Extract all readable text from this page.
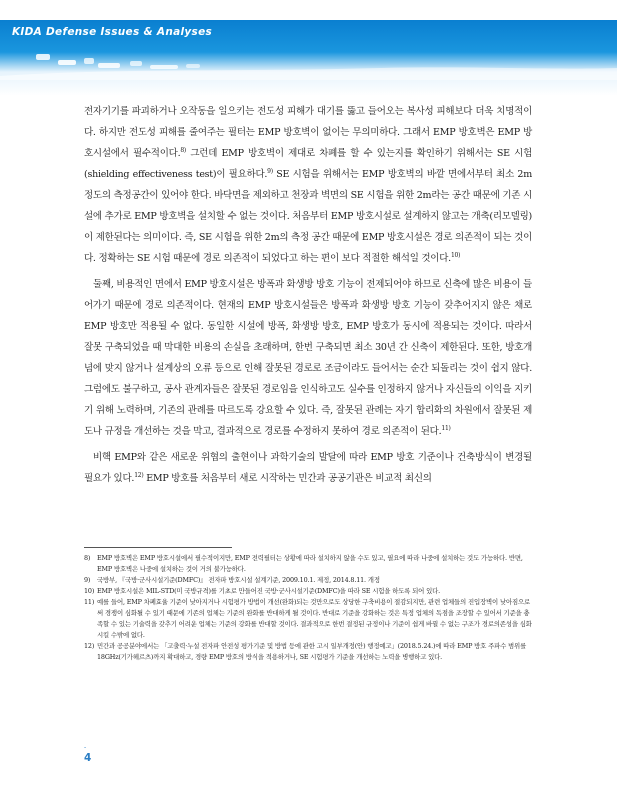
KIDA Defense Issues & Analyses

전자기기를 파괴하거나 오작동을 일으키는 전도성 피해가 대기를 뚫고 들어오는 복사성 피해보다 더욱 치명적이다. 하지만 전도성 피해를 줄여주는 필터는 EMP 방호벽이 없이는 무의미하다. 그래서 EMP 방호벽은 EMP 방호시설에서 필수적이다.$^{8)}$ 그런데 EMP 방호벽이 제대로 차폐를 할 수 있는지를 확인하기 위해서는 SE 시험(shielding effectiveness test)이 필요하다.$^{9)}$ SE 시험을 위해서는 EMP 방호벽의 바깥 면에서부터 최소 2m 정도의 측정공간이 있어야 한다. 바닥면을 제외하고 천장과 벽면의 SE 시험을 위한 2m라는 공간 때문에 기존 시설에 추가로 EMP 방호벽을 설치할 수 없는 것이다. 처음부터 EMP 방호시설로 설계하지 않고는 개축(리모델링)이 제한된다는 의미이다. 즉, SE 시험을 위한 2m의 측정 공간 때문에 EMP 방호시설은 경로 의존적이 되는 것이다. 정확하는 SE 시험 때문에 경로 의존적이 되었다고 하는 편이 보다 적절한 해석일 것이다.$^{10)}$

둘째, 비용적인 면에서 EMP 방호시설은 방폭과 화생방 방호 기능이 전제되어야 하므로 신축에 많은 비용이 들어가기 때문에 경로 의존적이다. 현재의 EMP 방호시설들은 방폭과 화생방 방호 기능이 갖추어지지 않은 채로 EMP 방호만 적용될 수 없다. 동일한 시설에 방폭, 화생방 방호, EMP 방호가 동시에 적용되는 것이다. 따라서 잘못 구축되었을 때 막대한 비용의 손실을 초래하며, 한번 구축되면 최소 30년 간 신축이 제한된다. 또한, 방호개념에 맞지 않거나 설계상의 오류 등으로 인해 잘못된 경로로 조금이라도 들어서는 순간 되돌리는 것이 쉽지 않다. 그럼에도 불구하고, 공사 관계자들은 잘못된 경로임을 인식하고도 실수를 인정하지 않거나 자신들의 이익을 지키기 위해 노력하며, 기존의 관례를 따르도록 강요할 수 있다. 즉, 잘못된 관례는 자기 합리화의 차원에서 잘못된 제도나 규정을 개선하는 것을 막고, 결과적으로 경로를 수정하지 못하여 경로 의존적이 된다.$^{11)}$

비핵 EMP와 같은 새로운 위협의 출현이나 과학기술의 발달에 따라 EMP 방호 기준이나 건축방식이 변경될 필요가 있다.$^{12)}$ EMP 방호를 처음부터 새로 시작하는 민간과 공공기관은 비교적 최신의

8) EMP 방호벽은 EMP 방호시설에서 필수적이지만, EMP 전력필터는 상황에 따라 설치하지 않을 수도 있고, 필요에 따라 나중에 설치하는 것도 가능하다. 반면, EMP 방호벽은 나중에 설치하는 것이 거의 불가능하다.
9) 국방부, 『국방·군사시설기준(DMFC)』 전자파 방호시설 설계기준, 2009.10.1. 제정, 2014.8.11. 개정
10) EMP 방호시설은 MIL-STD(미 국방규격)를 기초로 만들어진 국방·군사시설기준(DMFC)을 따라 SE 시험을 하도록 되어 있다.
11) 예를 들어, EMP 차폐효율 기준이 낮아지거나 시험평가 방법이 개선(완화)되는 것만으로도 상당한 구축비용이 절감되지만, 관련 업체들의 진입장벽이 낮아짐으로써 경쟁이 심화될 수 있기 때문에 기존의 업체는 기준의 완화를 반대하게 될 것이다. 반대로 기준을 강화하는 것은 특정 업체의 독점을 조장할 수 있어서 기준을 충족할 수 있는 기술력을 갖추기 어려운 업체는 기준의 강화를 반대할 것이다. 결과적으로 한번 결정된 규정이나 기준이 쉽게 바뀔 수 없는 구조가 경로의존성을 심화시킬 수밖에 없다.
12) 민간과 공공분야에서는 「고출력·누설 전자파 안전성 평가기준 및 방법 등에 관한 고시 일부개정(안) 행정예고」(2018.5.24.)에 따라 EMP 방호 주파수 범위를 18GHz(기가헤르츠)까지 확대하고, 경량 EMP 방호의 방식을 적용하거나, SE 시험평가 기준을 개선하는 노력을 병행하고 있다.
-
4
